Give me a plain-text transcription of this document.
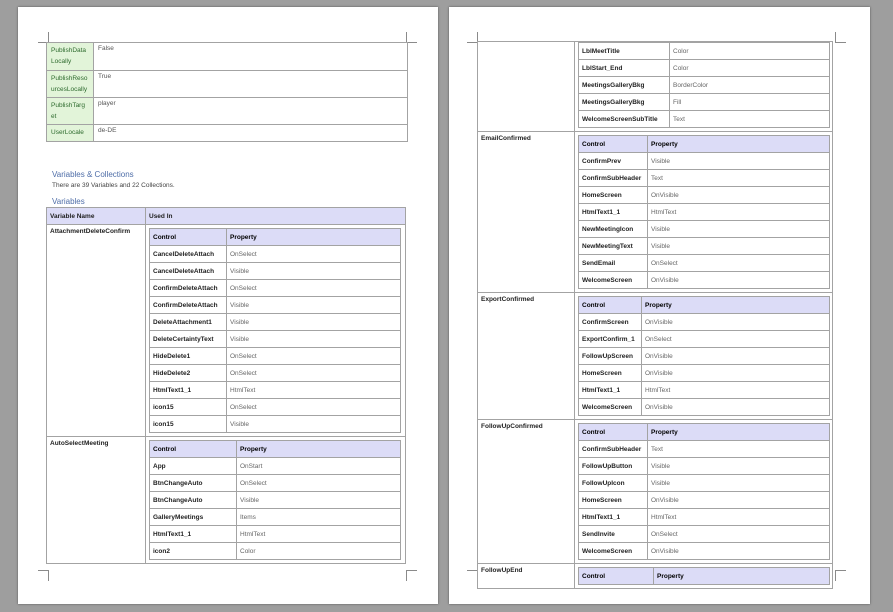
PublishData Locally	False
PublishReso urcesLocally	True
PublishTarg et	player
UserLocale	de-DE
Variables & Collections
There are 39 Variables and 22 Collections.
Variables
Variable Name	Used In
AttachmentDeleteConfirm	
Control	Property
CancelDeleteAttach	OnSelect
CancelDeleteAttach	Visible
ConfirmDeleteAttach	OnSelect
ConfirmDeleteAttach	Visible
DeleteAttachment1	Visible
DeleteCertaintyText	Visible
HideDelete1	OnSelect
HideDelete2	OnSelect
HtmlText1_1	HtmlText
icon15	OnSelect
icon15	Visible

AutoSelectMeeting	
Control	Property
App	OnStart
BtnChangeAuto	OnSelect
BtnChangeAuto	Visible
GalleryMeetings	Items
HtmlText1_1	HtmlText
icon2	Color

LblMeetTitle	Color
LblStart_End	Color
MeetingsGalleryBkg	BorderColor
MeetingsGalleryBkg	Fill
WelcomeScreenSubTitle	Text

EmailConfirmed	
Control	Property
ConfirmPrev	Visible
ConfirmSubHeader	Text
HomeScreen	OnVisible
HtmlText1_1	HtmlText
NewMeetingIcon	Visible
NewMeetingText	Visible
SendEmail	OnSelect
WelcomeScreen	OnVisible

ExportConfirmed	
Control	Property
ConfirmScreen	OnVisible
ExportConfirm_1	OnSelect
FollowUpScreen	OnVisible
HomeScreen	OnVisible
HtmlText1_1	HtmlText
WelcomeScreen	OnVisible

FollowUpConfirmed	
Control	Property
ConfirmSubHeader	Text
FollowUpButton	Visible
FollowUpIcon	Visible
HomeScreen	OnVisible
HtmlText1_1	HtmlText
SendInvite	OnSelect
WelcomeScreen	OnVisible

FollowUpEnd	
Control	Property
